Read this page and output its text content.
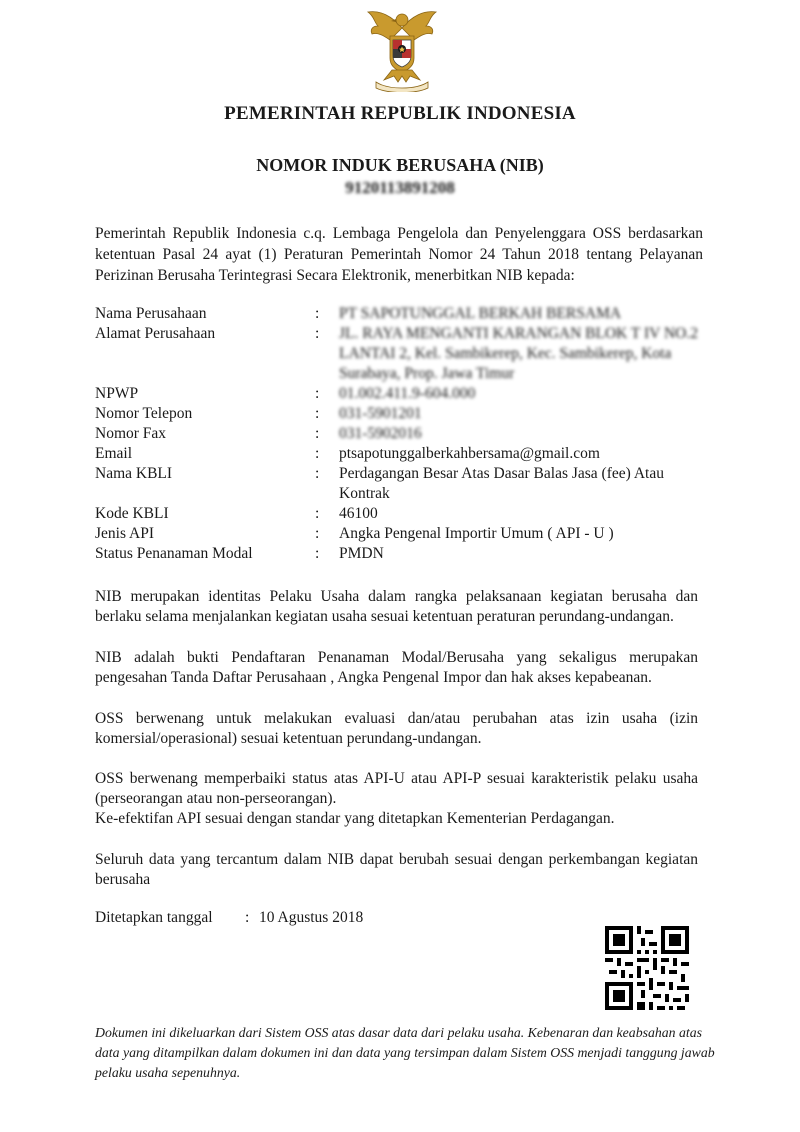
PEMERINTAH REPUBLIK INDONESIA
NOMOR INDUK BERUSAHA (NIB)
9120113891208
Pemerintah Republik Indonesia c.q. Lembaga Pengelola dan Penyelenggara OSS berdasarkan ketentuan Pasal 24 ayat (1) Peraturan Pemerintah Nomor 24 Tahun 2018 tentang Pelayanan Perizinan Berusaha Terintegrasi Secara Elektronik, menerbitkan NIB kepada:
Nama Perusahaan	:	PT SAPOTUNGGAL BERKAH BERSAMA
Alamat Perusahaan	:	JL. RAYA MENGANTI KARANGAN BLOK T IV NO.2 LANTAI 2, Kel. Sambikerep, Kec. Sambikerep, Kota Surabaya, Prop. Jawa Timur
NPWP	:	01.002.411.9-604.000
Nomor Telepon	:	031-5901201
Nomor Fax	:	031-5902016
Email	:	ptsapotunggalberkahbersama@gmail.com
Nama KBLI	:	Perdagangan Besar Atas Dasar Balas Jasa (fee) Atau Kontrak
Kode KBLI	:	46100
Jenis API	:	Angka Pengenal Importir Umum ( API - U )
Status Penanaman Modal	:	PMDN
NIB merupakan identitas Pelaku Usaha dalam rangka pelaksanaan kegiatan berusaha dan berlaku selama menjalankan kegiatan usaha sesuai ketentuan peraturan perundang-undangan.
NIB adalah bukti Pendaftaran Penanaman Modal/Berusaha yang sekaligus merupakan pengesahan Tanda Daftar Perusahaan , Angka Pengenal Impor dan hak akses kepabeanan.
OSS berwenang untuk melakukan evaluasi dan/atau perubahan atas izin usaha (izin komersial/operasional) sesuai ketentuan perundang-undangan.
OSS berwenang memperbaiki status atas API-U atau API-P sesuai karakteristik pelaku usaha (perseorangan atau non-perseorangan).
Ke-efektifan API sesuai dengan standar yang ditetapkan Kementerian Perdagangan.
Seluruh data yang tercantum dalam NIB dapat berubah sesuai dengan perkembangan kegiatan berusaha
Ditetapkan tanggal	: 10 Agustus 2018
Dokumen ini dikeluarkan dari Sistem OSS atas dasar data dari pelaku usaha. Kebenaran dan keabsahan atas data yang ditampilkan dalam dokumen ini dan data yang tersimpan dalam Sistem OSS menjadi tanggung jawab pelaku usaha sepenuhnya.
